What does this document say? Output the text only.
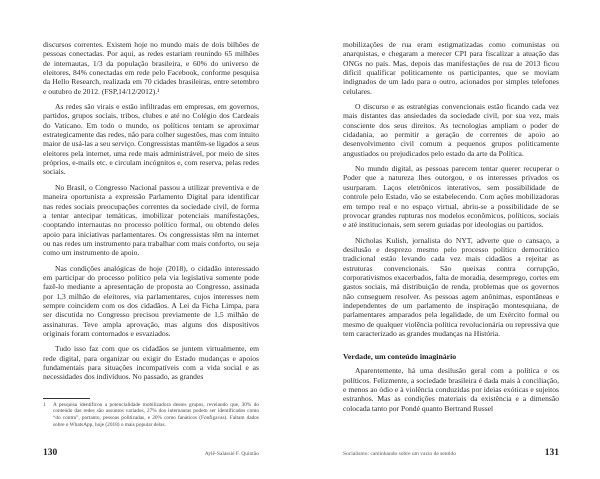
discursos correntes. Existem hoje no mundo mais de dois bilhões de pessoas conectadas. Por aqui, as redes estariam reunindo 65 milhões de internautas, 1/3 da população brasileira, e 60% do universo de eleitores, 84% conectadas em rede pelo Facebook, conforme pesquisa da Hello Research, realizada em 70 cidades brasileiras, entre setembro e outubro de 2012. (FSP,14/12/2012).¹

As redes são virais e estão infiltradas em empresas, em governos, partidos, grupos sociais, tribos, clubes e até no Colégio dos Cardeais do Vaticano. Em todo o mundo, os políticos tentam se aproximar estrategicamente das redes, não para colher sugestões, mas com intuito maior de usá-las a seu serviço. Congressistas mantêm-se ligados a seus eleitores pela internet, uma rede mais administrável, por meio de sites próprios, e-mails etc. e circulam incógnitos e, com reserva, pelas redes sociais.

No Brasil, o Congresso Nacional passou a utilizar preventiva e de maneira oportunista a expressão Parlamento Digital para identificar nas redes sociais preocupações correntes da sociedade civil, de forma a tentar antecipar temáticas, imobilizar potenciais manifestações, cooptando internautas no processo político formal, ou obtendo deles apoio para iniciativas parlamentares. Os congressistas têm na internet ou nas redes um instrumento para trabalhar com mais conforto, ou seja como um instrumento de apoio.

Nas condições analógicas de hoje (2018), o cidadão interessado em participar do processo político pela via legislativa somente pode fazê-lo mediante a apresentação de proposta ao Congresso, assinada por 1,3 milhão de eleitores, via parlamentares, cujos interesses nem sempre coincidem com os dos cidadãos. A Lei da Ficha Limpa, para ser discutida no Congresso precisou previamente de 1,5 milhão de assinaturas. Teve ampla aprovação, mas alguns dos dispositivos originais foram contornados e esvaziados.

Tudo isso faz com que os cidadãos se juntem virtualmente, em rede digital, para organizar ou exigir do Estado mudanças e apoios fundamentais para situações incompatíveis com a vida social e as necessidades dos indivíduos. No passado, as grandes

1	A pesquisa identificou a potencialidade mobilizadora desses grupos, revelando que, 30% do conteúdo das redes são assuntos variados, 27% dos internautas podem ser identificados como “do contra”, portanto, pessoas politizadas, e 20% como fanáticos (Fonfigavas). Faltam dados sobre o WhatsApp, hoje (2018) o mais popular delas.
130	Aylê-Salassié F. Quintão

mobilizações de rua eram estigmatizadas como comunistas ou anarquistas, e chegaram a merecer CPI para fiscalizar a atuação das ONGs no país. Mas, depois das manifestações de rua de 2013 ficou difícil qualificar politicamente os participantes, que se moviam indignados de um lado para o outro, acionados por simples telefones celulares.

O discurso e as estratégias convencionais estão ficando cada vez mais distantes das ansiedades da sociedade civil, por sua vez, mais consciente dos seus direitos. As tecnologias ampliam o poder de cidadania, ao permitir a geração de correntes de apoio ao desenvolvimento civil comum a pequenos grupos politicamente angustiados ou prejudicados pelo estado da arte da Política.

No mundo digital, as pessoas parecem tentar querer recuperar o Poder que a natureza lhes outorgou, e os interesses privados os usurparam. Laços eletrônicos interativos, sem possibilidade de controle pelo Estado, vão se estabelecendo. Com ações mobilizadoras em tempo real e no espaço virtual, abriu-se a possibilidade de se provocar grandes rupturas nos modelos econômicos, políticos, sociais e até institucionais, sem serem guiadas por ideologias ou partidos.

Nicholas Kulish, jornalista do NYT, adverte que o cansaço, a desilusão e desprezo mesmo pelo processo político democrático tradicional estão levando cada vez mais cidadãos a rejeitar as estruturas convencionais. São queixas contra corrupção, corporativismos exacerbados, falta de moradia, desemprego, cortes em gastos sociais, má distribuição de renda, problemas que os governos não conseguem resolver. As pessoas agem anônimas, espontâneas e independentes de um parlamento de inspiração montesquiana, de parlamentares amparados pela legalidade, de um Exército formal ou mesmo de qualquer violência política revolucionária ou repressiva que tem caracterizado as grandes mudanças na História.

Verdade, um conteúdo imaginário

Aparentemente, há uma desilusão geral com a política e os políticos. Felizmente, a sociedade brasileira é dada mais à conciliação, e menos ao ódio e à violência conduzidas por ideias exóticas e sujeitos estranhos. Mas as condições materiais da existência e a dimensão colocada tanto por Pondé quanto Bertrand Russel

Socialismo: caminhando sobre um vazio de sentido	131
